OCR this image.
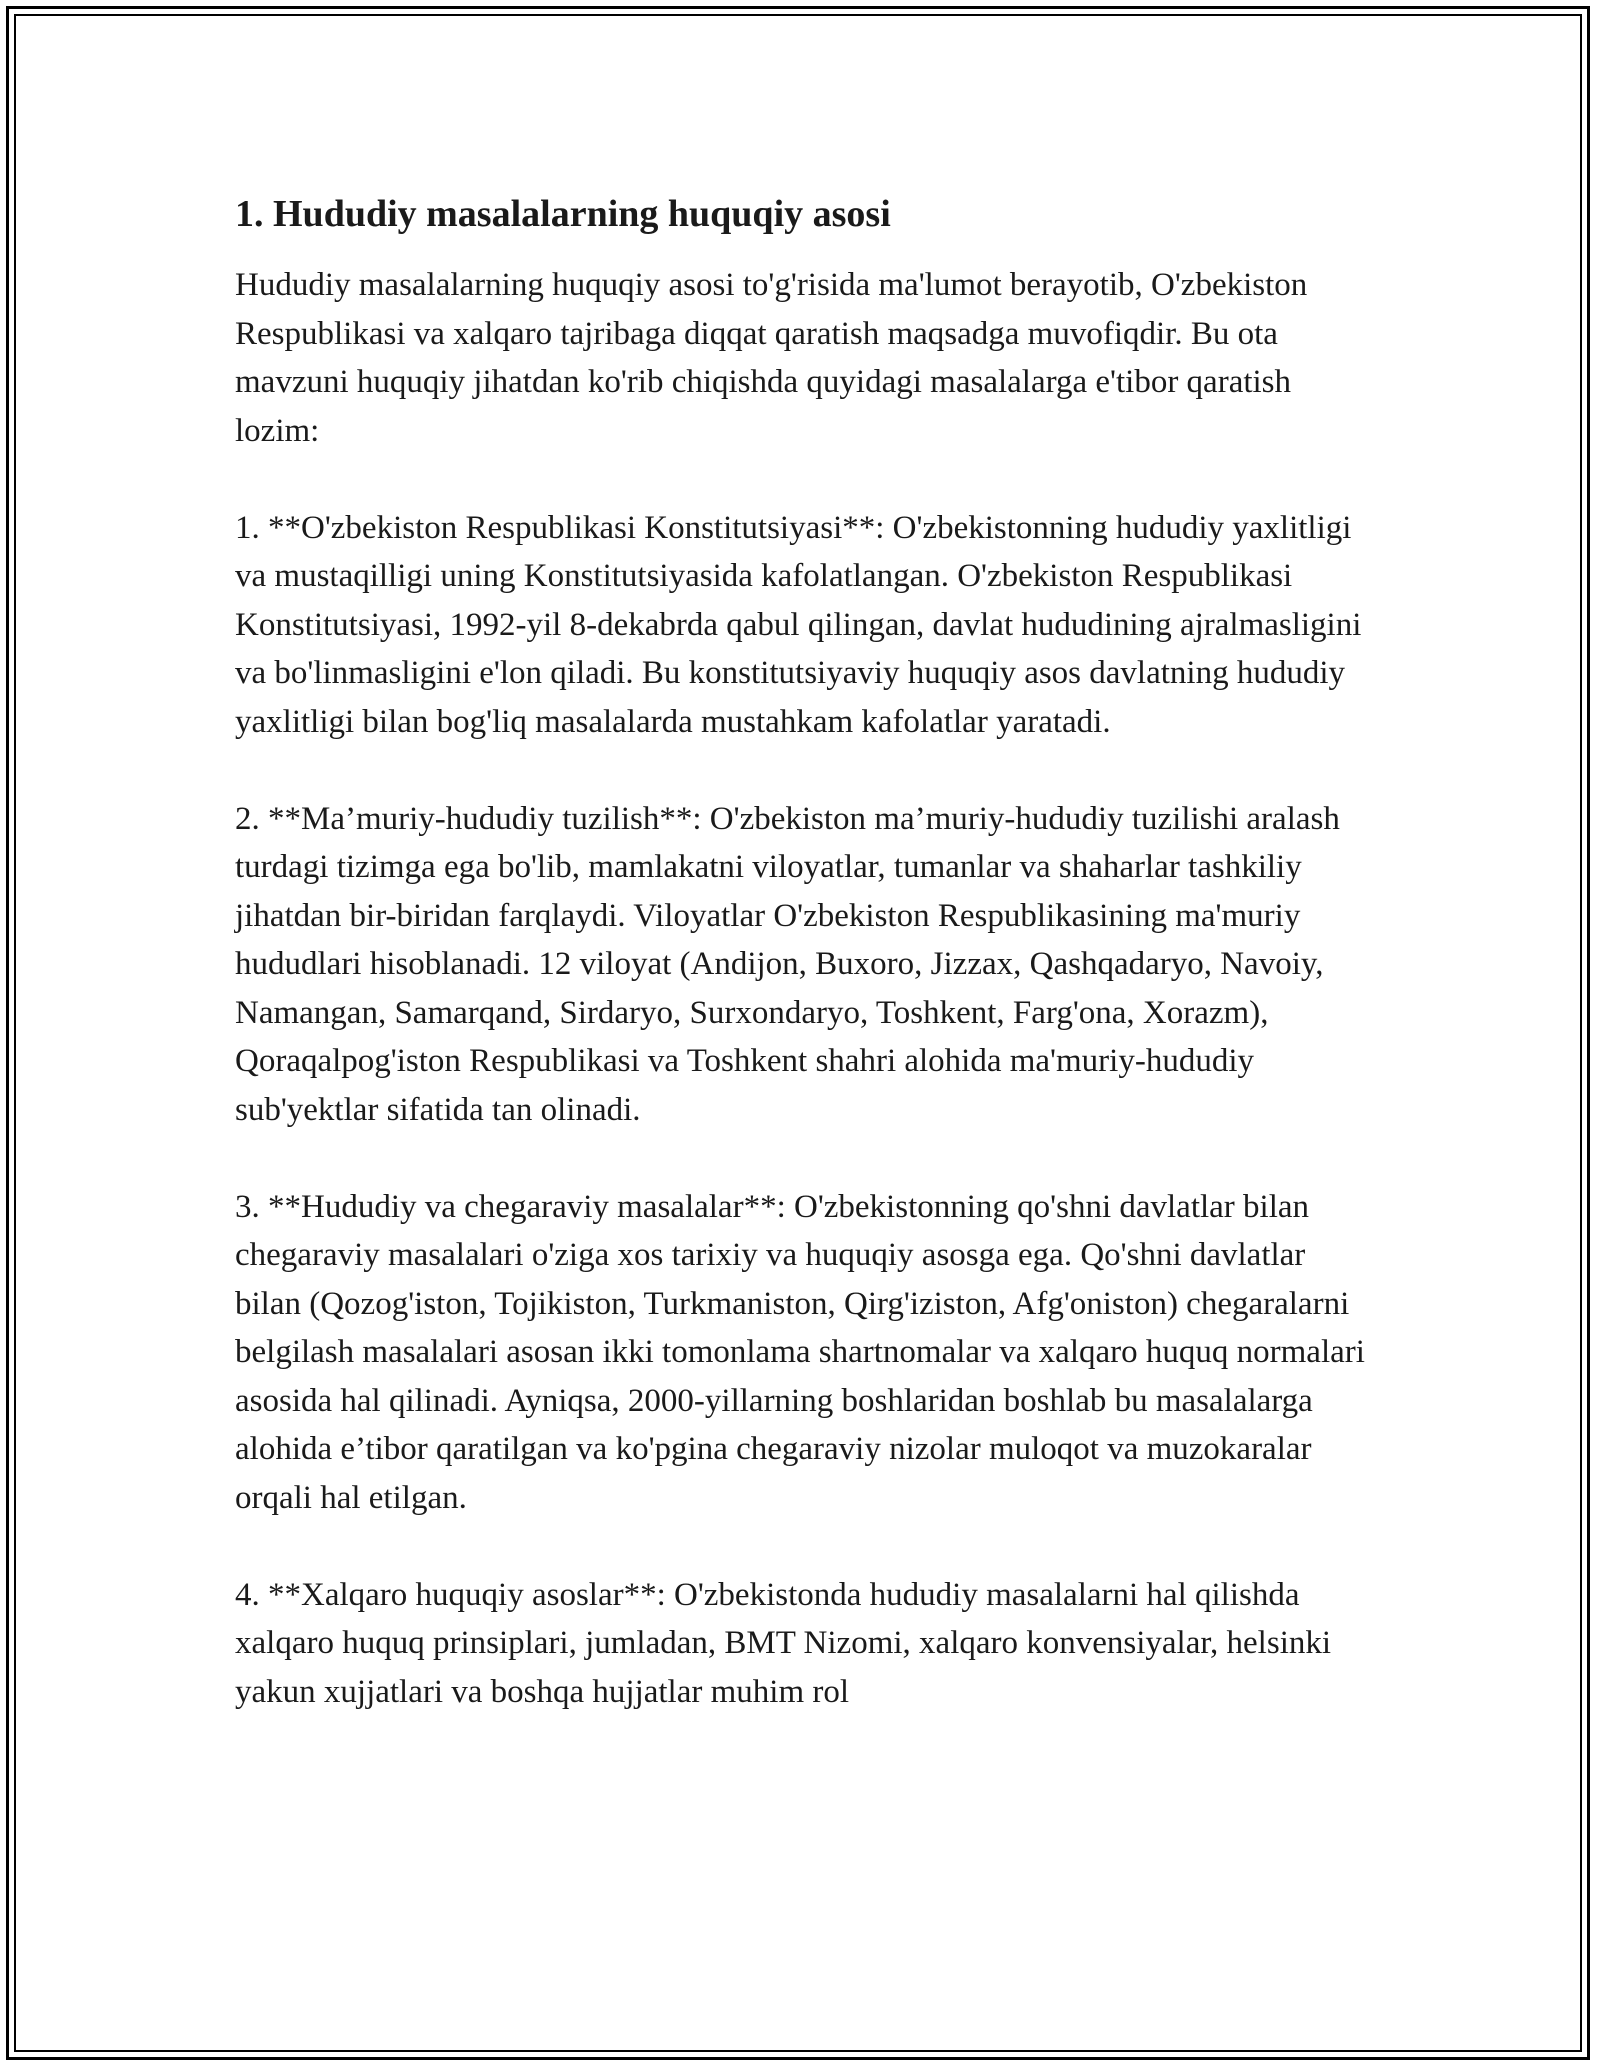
1. Hududiy masalalarning huquqiy asosi

Hududiy masalalarning huquqiy asosi to'g'risida ma'lumot berayotib, O'zbekiston Respublikasi va xalqaro tajribaga diqqat qaratish maqsadga muvofiqdir. Bu ota mavzuni huquqiy jihatdan ko'rib chiqishda quyidagi masalalarga e'tibor qaratish lozim:

1. **O'zbekiston Respublikasi Konstitutsiyasi**: O'zbekistonning hududiy yaxlitligi va mustaqilligi uning Konstitutsiyasida kafolatlangan. O'zbekiston Respublikasi Konstitutsiyasi, 1992-yil 8-dekabrda qabul qilingan, davlat hududining ajralmasligini va bo'linmasligini e'lon qiladi. Bu konstitutsiyaviy huquqiy asos davlatning hududiy yaxlitligi bilan bog'liq masalalarda mustahkam kafolatlar yaratadi.

2. **Ma’muriy-hududiy tuzilish**: O'zbekiston ma’muriy-hududiy tuzilishi aralash turdagi tizimga ega bo'lib, mamlakatni viloyatlar, tumanlar va shaharlar tashkiliy jihatdan bir-biridan farqlaydi. Viloyatlar O'zbekiston Respublikasining ma'muriy hududlari hisoblanadi. 12 viloyat (Andijon, Buxoro, Jizzax, Qashqadaryo, Navoiy, Namangan, Samarqand, Sirdaryo, Surxondaryo, Toshkent, Farg'ona, Xorazm), Qoraqalpog'iston Respublikasi va Toshkent shahri alohida ma'muriy-hududiy sub'yektlar sifatida tan olinadi.

3. **Hududiy va chegaraviy masalalar**: O'zbekistonning qo'shni davlatlar bilan chegaraviy masalalari o'ziga xos tarixiy va huquqiy asosga ega. Qo'shni davlatlar bilan (Qozog'iston, Tojikiston, Turkmaniston, Qirg'iziston, Afg'oniston) chegaralarni belgilash masalalari asosan ikki tomonlama shartnomalar va xalqaro huquq normalari asosida hal qilinadi. Ayniqsa, 2000-yillarning boshlaridan boshlab bu masalalarga alohida e’tibor qaratilgan va ko'pgina chegaraviy nizolar muloqot va muzokaralar orqali hal etilgan.

4. **Xalqaro huquqiy asoslar**: O'zbekistonda hududiy masalalarni hal qilishda xalqaro huquq prinsiplari, jumladan, BMT Nizomi, xalqaro konvensiyalar, helsinki yakun xujjatlari va boshqa hujjatlar muhim rol
